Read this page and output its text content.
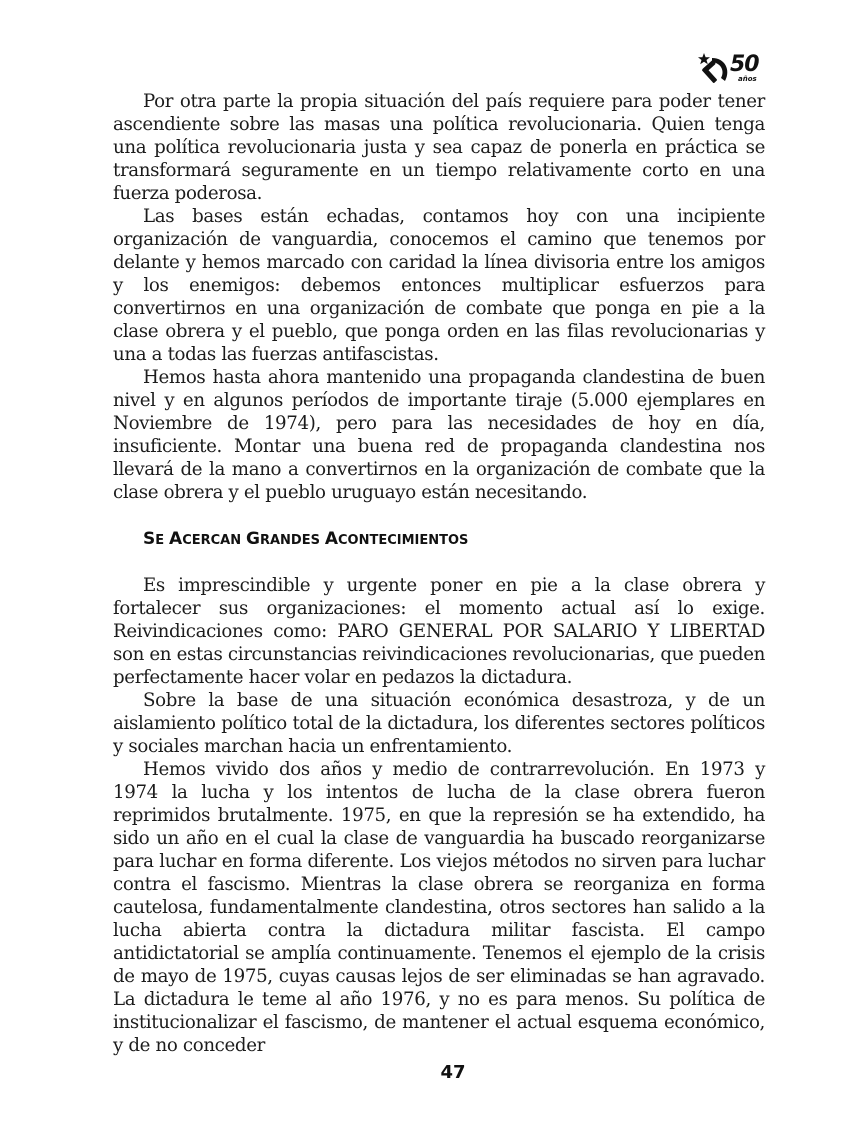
50
años

Por otra parte la propia situación del país requiere para poder tener ascendiente sobre las masas una política revolucionaria. Quien tenga una política revolucionaria justa y sea capaz de ponerla en práctica se transformará seguramente en un tiempo relativamente corto en una fuerza poderosa.

Las bases están echadas, contamos hoy con una incipiente organización de vanguardia, conocemos el camino que tenemos por delante y hemos marcado con caridad la línea divisoria entre los amigos y los enemigos: debemos entonces multiplicar esfuerzos para convertirnos en una organización de combate que ponga en pie a la clase obrera y el pueblo, que ponga orden en las filas revolucionarias y una a todas las fuerzas antifascistas.

Hemos hasta ahora mantenido una propaganda clandestina de buen nivel y en algunos períodos de importante tiraje (5.000 ejemplares en Noviembre de 1974), pero para las necesidades de hoy en día, insuficiente. Montar una buena red de propaganda clandestina nos llevará de la mano a convertirnos en la organización de combate que la clase obrera y el pueblo uruguayo están necesitando.

SE ACERCAN GRANDES ACONTECIMIENTOS

Es imprescindible y urgente poner en pie a la clase obrera y fortalecer sus organizaciones: el momento actual así lo exige. Reivindicaciones como: PARO GENERAL POR SALARIO Y LIBERTAD son en estas circunstancias reivindicaciones revolucionarias, que pueden perfectamente hacer volar en pedazos la dictadura.

Sobre la base de una situación económica desastroza, y de un aislamiento político total de la dictadura, los diferentes sectores políticos y sociales marchan hacia un enfrentamiento.

Hemos vivido dos años y medio de contrarrevolución. En 1973 y 1974 la lucha y los intentos de lucha de la clase obrera fueron reprimidos brutalmente. 1975, en que la represión se ha extendido, ha sido un año en el cual la clase de vanguardia ha buscado reorganizarse para luchar en forma diferente. Los viejos métodos no sirven para luchar contra el fascismo. Mientras la clase obrera se reorganiza en forma cautelosa, fundamentalmente clandestina, otros sectores han salido a la lucha abierta contra la dictadura militar fascista. El campo antidictatorial se amplía continuamente. Tenemos el ejemplo de la crisis de mayo de 1975, cuyas causas lejos de ser eliminadas se han agravado. La dictadura le teme al año 1976, y no es para menos. Su política de institucionalizar el fascismo, de mantener el actual esquema económico, y de no conceder

47
